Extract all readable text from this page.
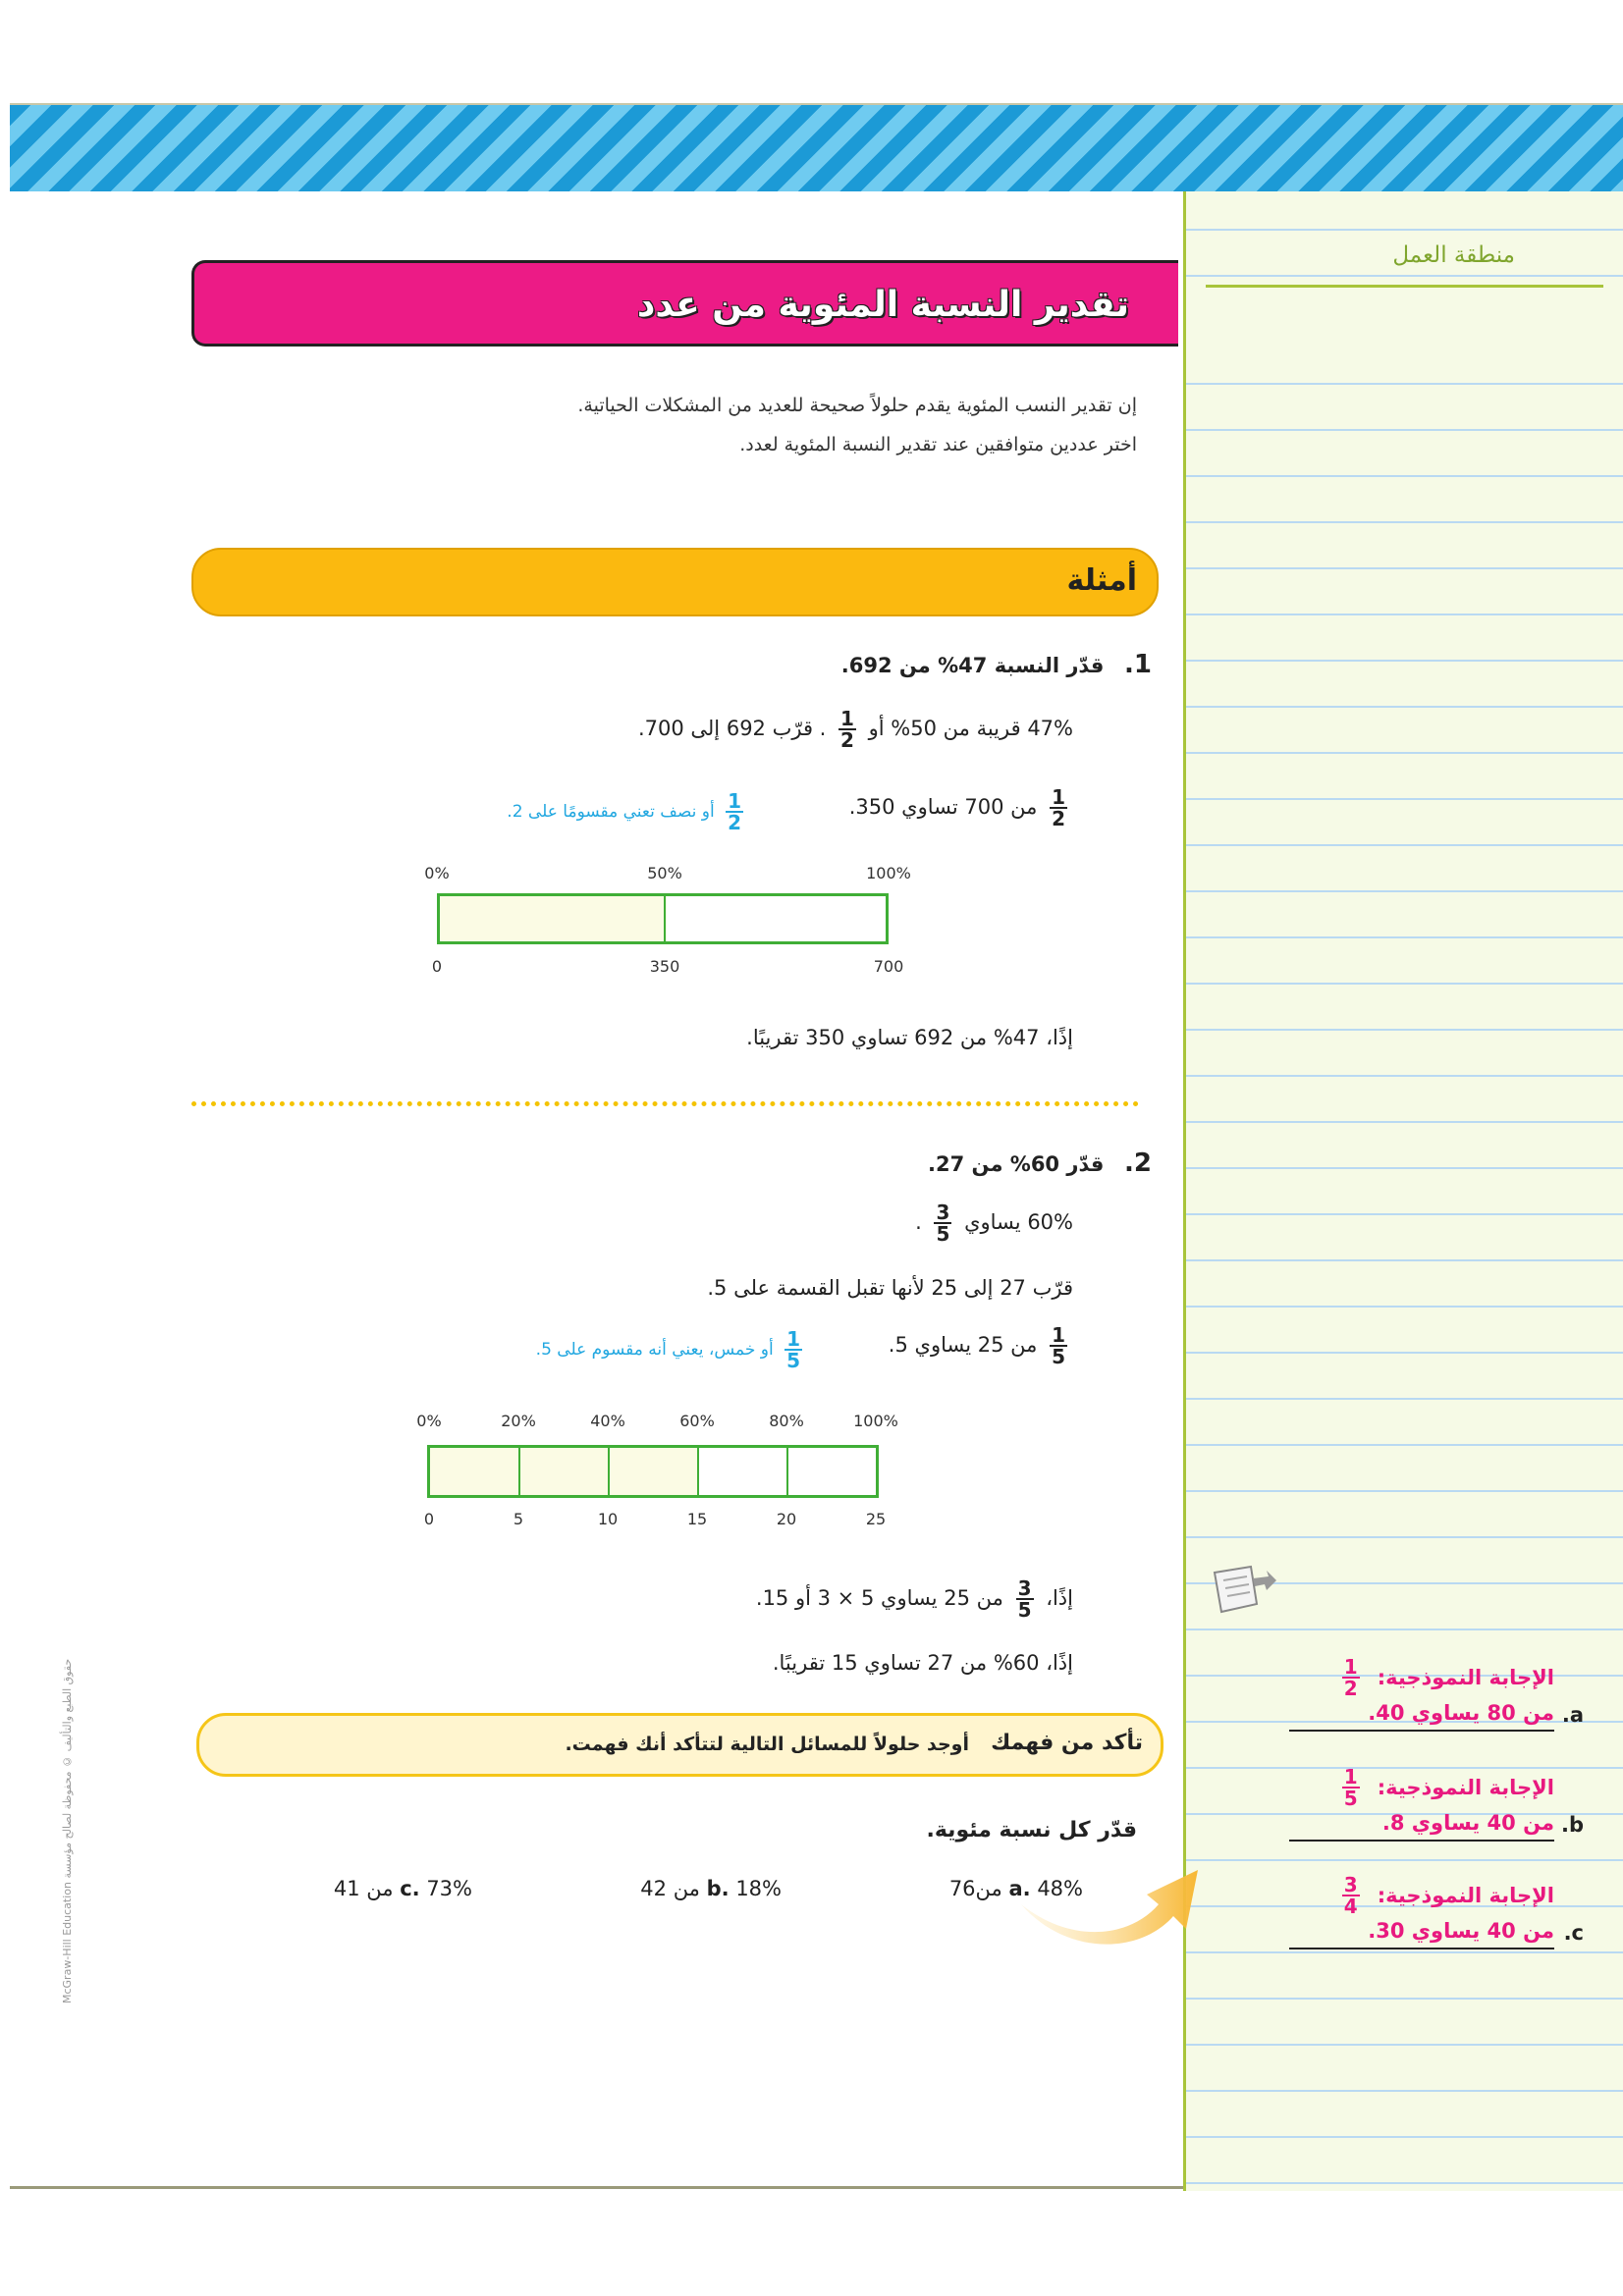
منطقة العمل
الإجابة النموذجية:
$\frac{1}{2}$
من 80 يساوي 40. a.
الإجابة النموذجية:
$\frac{1}{5}$
من 40 يساوي 8. b.
الإجابة النموذجية:
$\frac{3}{4}$
من 40 يساوي 30. c.
تقدير النسبة المئوية من عدد
إن تقدير النسب المئوية يقدم حلولاً صحيحة للعديد من المشكلات الحياتية.
اختر عددين متوافقين عند تقدير النسبة المئوية لعدد.
أمثلة
1. قدّر النسبة 47% من 692.
47% قريبة من 50% أو
$\frac{1}{2}$
. قرّب 692 إلى 700.
$\frac{1}{2}$
من 700 تساوي 350.
$\frac{1}{2}$
أو نصف تعني مقسومًا على 2.
0%	50%	100%
0	350	700
إذًا، 47% من 692 تساوي 350 تقريبًا.
2. قدّر 60% من 27.
60% يساوي
$\frac{3}{5}$
.
قرّب 27 إلى 25 لأنها تقبل القسمة على 5.
$\frac{1}{5}$
من 25 يساوي 5.
$\frac{1}{5}$
أو خمس، يعني أنه مقسوم على 5.
0%	20%	40%	60%	80%	100%
0	5	10	15	20	25
إذًا،
$\frac{3}{5}$
من 25 يساوي 5 × 3 أو 15.
إذًا، 60% من 27 تساوي 15 تقريبًا.
تأكد من فهمك
أوجد حلولاً للمسائل التالية لتتأكد أنك فهمت.
قدّر كل نسبة مئوية.
a. 48% من76
b. 18% من 42
c. 73% من 41
حقوق الطبع والتأليف © محفوظة لصالح مؤسسة McGraw-Hill Education
